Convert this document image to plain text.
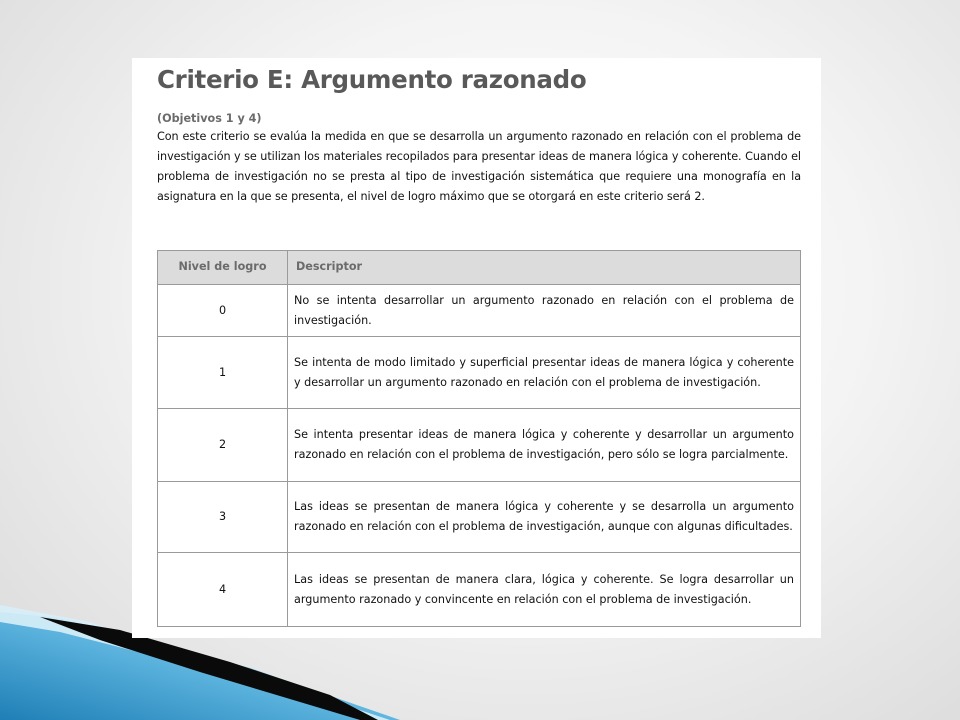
Criterio E: Argumento razonado
(Objetivos 1 y 4)
Con este criterio se evalúa la medida en que se desarrolla un argumento razonado en relación con el problema de investigación y se utilizan los materiales recopilados para presentar ideas de manera lógica y coherente. Cuando el problema de investigación no se presta al tipo de investigación sistemática que requiere una monografía en la asignatura en la que se presenta, el nivel de logro máximo que se otorgará en este criterio será 2.
Nivel de logro	Descriptor
0	No se intenta desarrollar un argumento razonado en relación con el problema de investigación.
1	Se intenta de modo limitado y superficial presentar ideas de manera lógica y coherente y desarrollar un argumento razonado en relación con el problema de investigación.
2	Se intenta presentar ideas de manera lógica y coherente y desarrollar un argumento razonado en relación con el problema de investigación, pero sólo se logra parcialmente.
3	Las ideas se presentan de manera lógica y coherente y se desarrolla un argumento razonado en relación con el problema de investigación, aunque con algunas dificultades.
4	Las ideas se presentan de manera clara, lógica y coherente. Se logra desarrollar un argumento razonado y convincente en relación con el problema de investigación.
